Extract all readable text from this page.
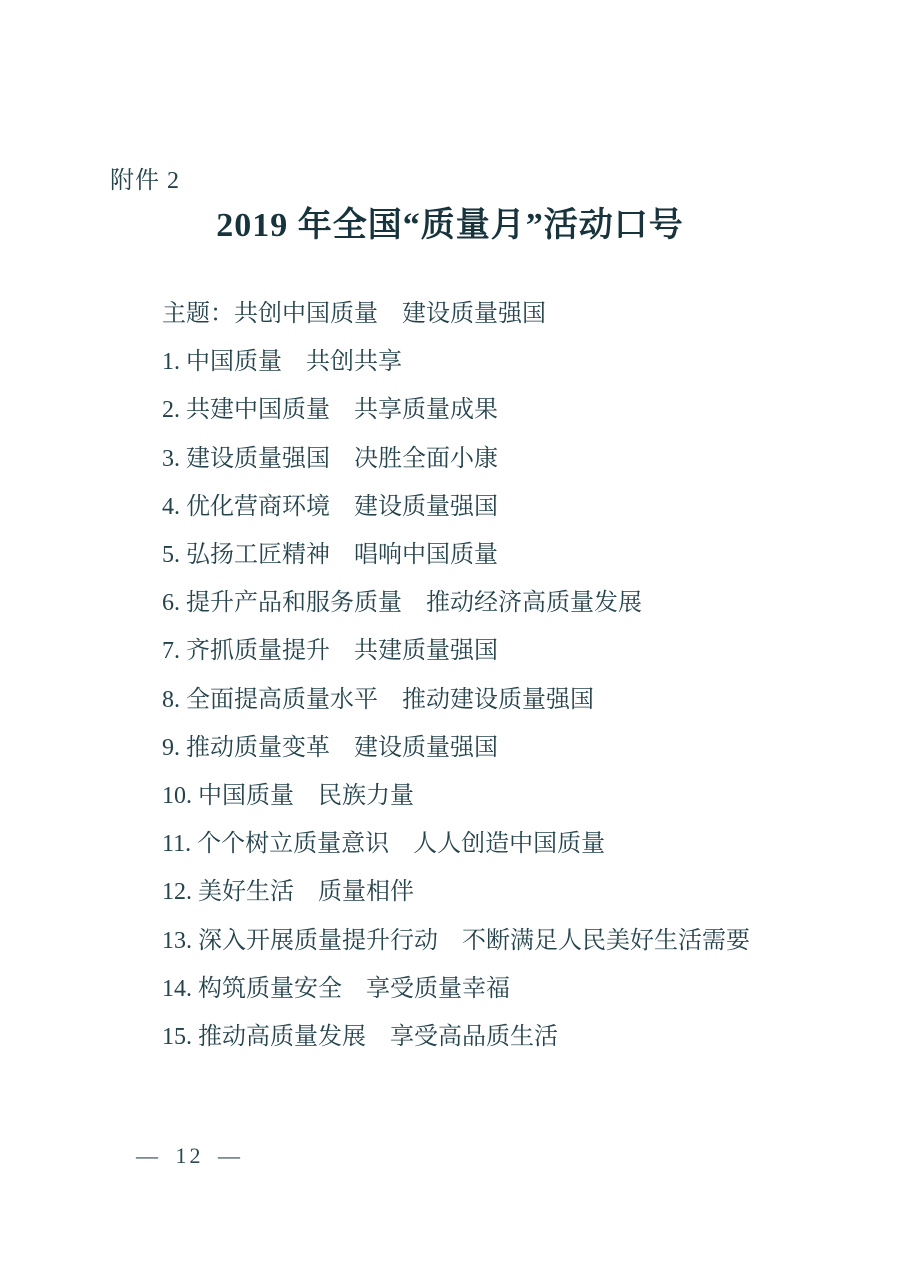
附件 2
2019 年全国“质量月”活动口号

主题：共创中国质量　建设质量强国

1. 中国质量　共创共享

2. 共建中国质量　共享质量成果

3. 建设质量强国　决胜全面小康

4. 优化营商环境　建设质量强国

5. 弘扬工匠精神　唱响中国质量

6. 提升产品和服务质量　推动经济高质量发展

7. 齐抓质量提升　共建质量强国

8. 全面提高质量水平　推动建设质量强国

9. 推动质量变革　建设质量强国

10. 中国质量　民族力量

11. 个个树立质量意识　人人创造中国质量

12. 美好生活　质量相伴

13. 深入开展质量提升行动　不断满足人民美好生活需要

14. 构筑质量安全　享受质量幸福

15. 推动高质量发展　享受高品质生活

— 12 —
